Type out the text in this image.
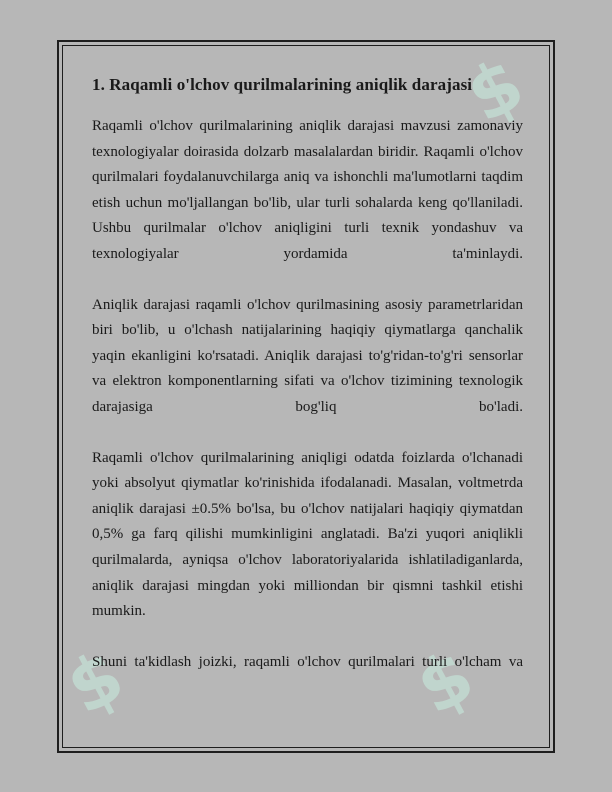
$
$	$
1. Raqamli o'lchov qurilmalarining aniqlik darajasi

Raqamli o'lchov qurilmalarining aniqlik darajasi mavzusi zamonaviy texnologiyalar doirasida dolzarb masalalardan biridir. Raqamli o'lchov qurilmalari foydalanuvchilarga aniq va ishonchli ma'lumotlarni taqdim etish uchun mo'ljallangan bo'lib, ular turli sohalarda keng qo'llaniladi. Ushbu qurilmalar o'lchov aniqligini turli texnik yondashuv va texnologiyalar yordamida ta'minlaydi.

Aniqlik darajasi raqamli o'lchov qurilmasining asosiy parametrlaridan biri bo'lib, u o'lchash natijalarining haqiqiy qiymatlarga qanchalik yaqin ekanligini ko'rsatadi. Aniqlik darajasi to'g'ridan-to'g'ri sensorlar va elektron komponentlarning sifati va o'lchov tizimining texnologik darajasiga bog'liq bo'ladi.

Raqamli o'lchov qurilmalarining aniqligi odatda foizlarda o'lchanadi yoki absolyut qiymatlar ko'rinishida ifodalanadi. Masalan, voltmetrda aniqlik darajasi ±0.5% bo'lsa, bu o'lchov natijalari haqiqiy qiymatdan 0,5% ga farq qilishi mumkinligini anglatadi. Ba'zi yuqori aniqlikli qurilmalarda, ayniqsa o'lchov laboratoriyalarida ishlatiladiganlarda, aniqlik darajasi mingdan yoki milliondan bir qismni tashkil etishi mumkin.

Shuni ta'kidlash joizki, raqamli o'lchov qurilmalari turli o'lcham va
